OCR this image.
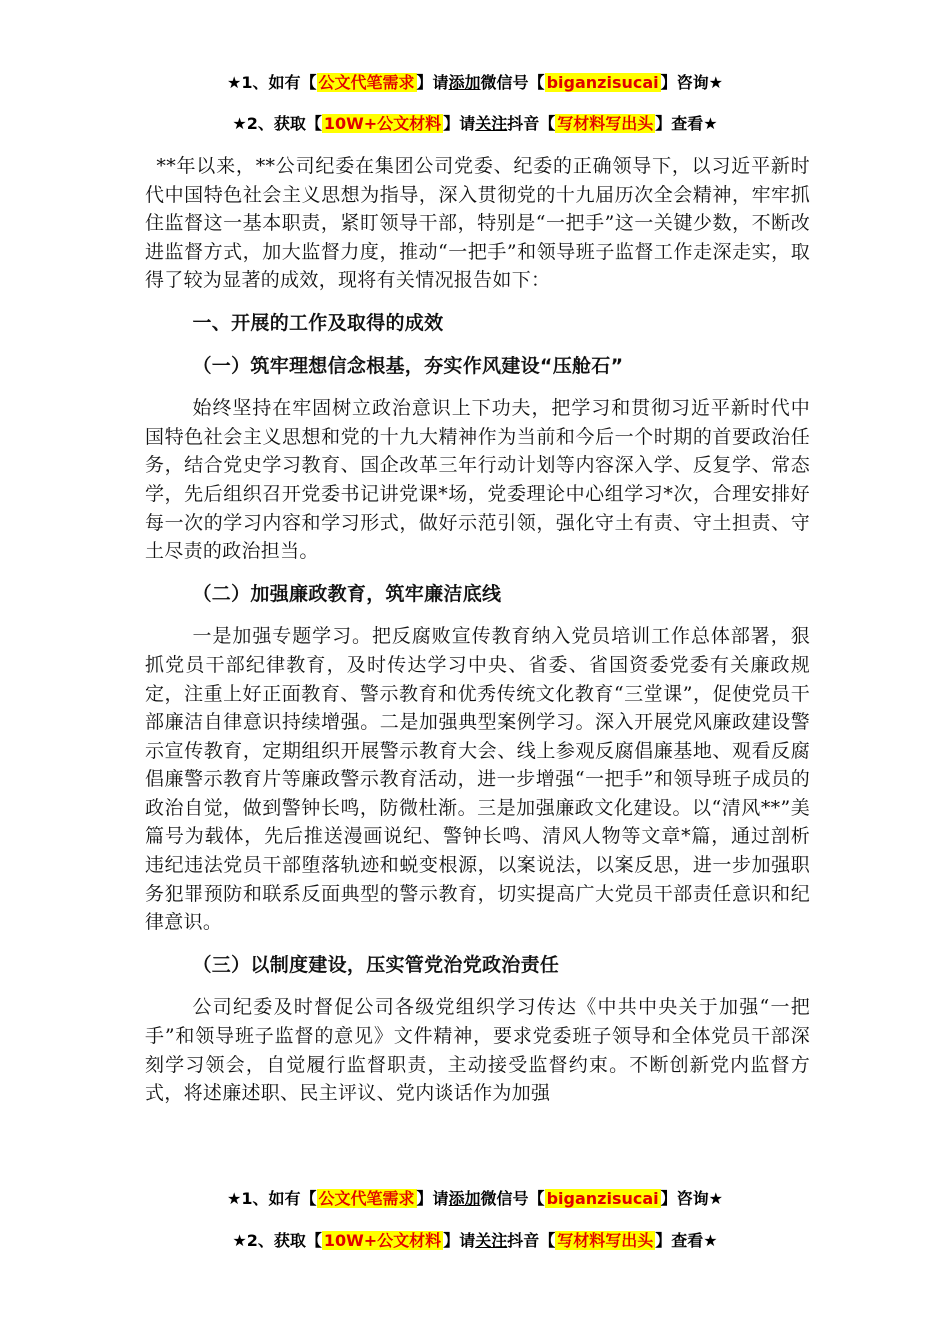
★1、如有【 公文代笔需求 】请添加微信号【 biganzisucai 】咨询★
★2、获取【 10W+公文材料 】请关注抖音【 写材料写出头 】查看★

**年以来，**公司纪委在集团公司党委、纪委的正确领导下，以习近平新时代中国特色社会主义思想为指导，深入贯彻党的十九届历次全会精神，牢牢抓住监督这一基本职责，紧盯领导干部，特别是“一把手”这一关键少数，不断改进监督方式，加大监督力度，推动“一把手”和领导班子监督工作走深走实，取得了较为显著的成效，现将有关情况报告如下：

一、开展的工作及取得的成效
（一）筑牢理想信念根基，夯实作风建设“压舱石”

始终坚持在牢固树立政治意识上下功夫，把学习和贯彻习近平新时代中国特色社会主义思想和党的十九大精神作为当前和今后一个时期的首要政治任务，结合党史学习教育、国企改革三年行动计划等内容深入学、反复学、常态学，先后组织召开党委书记讲党课*场，党委理论中心组学习*次，合理安排好每一次的学习内容和学习形式，做好示范引领，强化守土有责、守土担责、守土尽责的政治担当。

（二）加强廉政教育，筑牢廉洁底线

一是加强专题学习。把反腐败宣传教育纳入党员培训工作总体部署，狠抓党员干部纪律教育，及时传达学习中央、省委、省国资委党委有关廉政规定，注重上好正面教育、警示教育和优秀传统文化教育“三堂课”，促使党员干部廉洁自律意识持续增强。二是加强典型案例学习。深入开展党风廉政建设警示宣传教育，定期组织开展警示教育大会、线上参观反腐倡廉基地、观看反腐倡廉警示教育片等廉政警示教育活动，进一步增强“一把手”和领导班子成员的政治自觉，做到警钟长鸣，防微杜渐。三是加强廉政文化建设。以“清风**”美篇号为载体，先后推送漫画说纪、警钟长鸣、清风人物等文章*篇，通过剖析违纪违法党员干部堕落轨迹和蜕变根源，以案说法，以案反思，进一步加强职务犯罪预防和联系反面典型的警示教育，切实提高广大党员干部责任意识和纪律意识。

（三）以制度建设，压实管党治党政治责任

公司纪委及时督促公司各级党组织学习传达《中共中央关于加强“一把手”和领导班子监督的意见》文件精神，要求党委班子领导和全体党员干部深刻学习领会，自觉履行监督职责，主动接受监督约束。不断创新党内监督方式，将述廉述职、民主评议、党内谈话作为加强

★1、如有【 公文代笔需求 】请添加微信号【 biganzisucai 】咨询★
★2、获取【 10W+公文材料 】请关注抖音【 写材料写出头 】查看★
